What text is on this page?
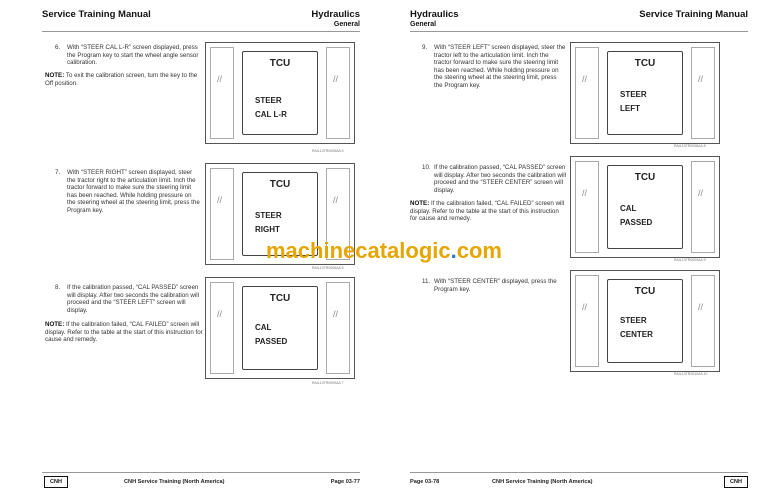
Service Training Manual	Hydraulics
General
6. With “STEER CAL L-R” screen displayed, press the Program key to start the wheel angle sensor calibration.
NOTE: To exit the calibration screen, turn the key to the Off position.	//	//
TCU
STEER
CAL L-R
RAIL10TR0005AA 5
7. With “STEER RIGHT” screen displayed, steer the tractor right to the articulation limit. Inch the tractor forward to make sure the steering limit has been reached. While holding pressure on the steering wheel at the steering limit, press the Program key.
//	//
TCU
STEER
RIGHT
RAIL10TR0006AA 6
8. If the calibration passed, “CAL PASSED” screen will display. After two seconds the calibration will proceed and the “STEER LEFT” screen will display.
NOTE: If the calibration failed, “CAL FAILED” screen will display. Refer to the table at the start of this instruction for cause and remedy.
//	//
TCU
CAL
PASSED
RAIL10TR0009AA 7
CNH	CNH Service Training (North America)	Page 03-77
Hydraulics
General
Service Training Manual
9. With “STEER LEFT” screen displayed, steer the tractor left to the articulation limit. Inch the tractor forward to make sure the steering limit has been reached. While holding pressure on the steering wheel at the steering limit, press the Program key.
//	//
TCU
STEER
LEFT
RAIL10TR0008AA 8
10. If the calibration passed, “CAL PASSED” screen will display. After two seconds the calibration will proceed and the “STEER CENTER” screen will display.
NOTE: If the calibration failed, “CAL FAILED” screen will display. Refer to the table at the start of this instruction for cause and remedy.
//	//
TCU
CAL
PASSED
RAIL10TR0009AA 9
11. With “STEER CENTER” displayed, press the Program key.
//	//
TCU
STEER
CENTER
RAIL10TR0010AA 10
Page 03-78	CNH Service Training (North America)	CNH
machinecatalogic.com
